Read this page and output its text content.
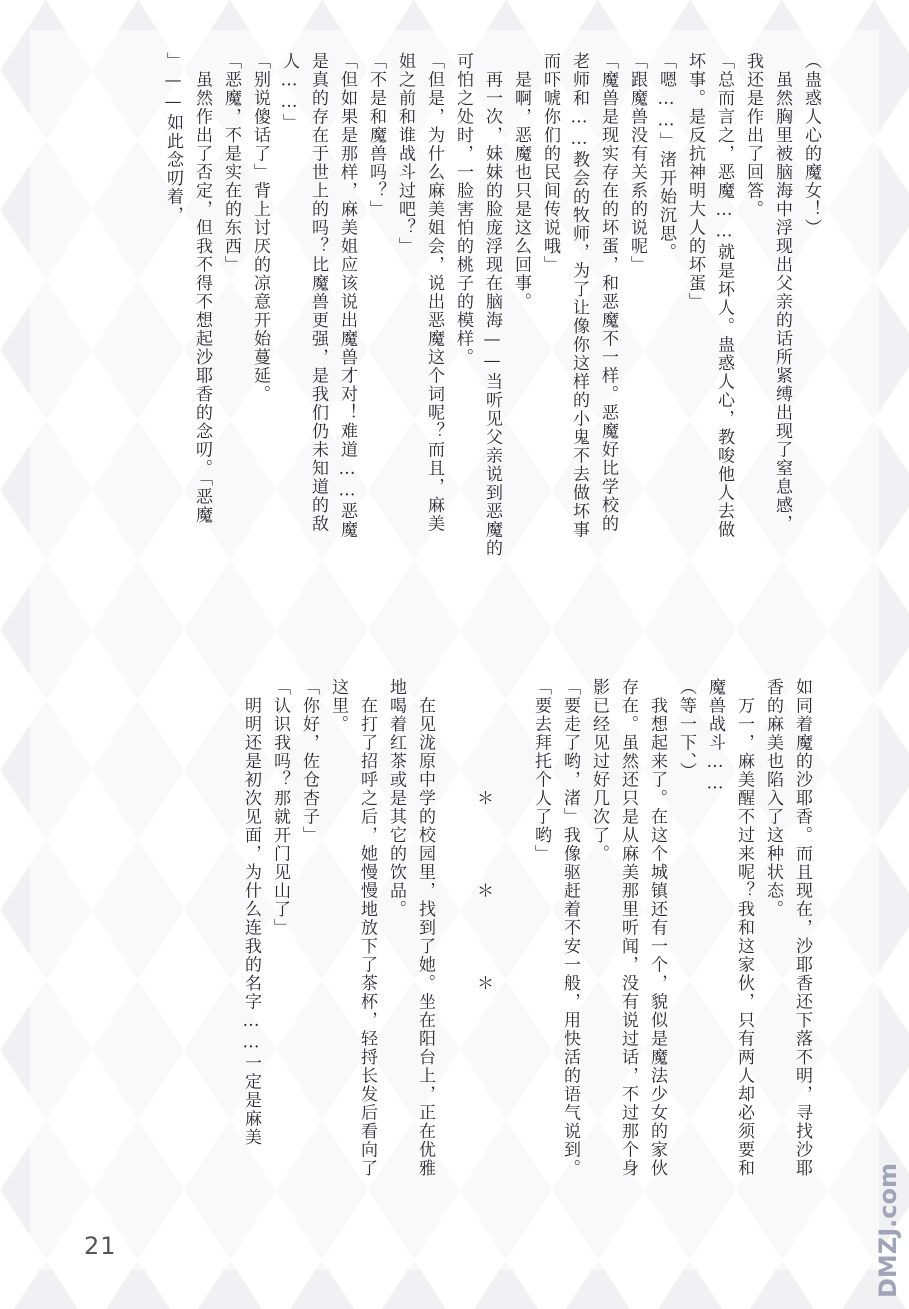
（蛊惑人心的魔女！）
　虽然胸里被脑海中浮现出父亲的话所紧缚出现了窒息感，
我还是作出了回答。
「总而言之，恶魔……就是坏人。蛊惑人心，教唆他人去做
坏事。是反抗神明大人的坏蛋」
「嗯……」渚开始沉思。
「跟魔兽没有关系的说呢」
「魔兽是现实存在的坏蛋，和恶魔不一样。恶魔好比学校的
老师和……教会的牧师，为了让像你这样的小鬼不去做坏事
而吓唬你们的民间传说哦」
　是啊，恶魔也只是这么回事。
　再一次，妹妹的脸庞浮现在脑海——当听见父亲说到恶魔的
可怕之处时，一脸害怕的桃子的模样。
「但是，为什么麻美姐会，说出恶魔这个词呢？而且，麻美
姐之前和谁战斗过吧？」
「不是和魔兽吗？」
「但如果是那样，麻美姐应该说出魔兽才对！难道……恶魔
是真的存在于世上的吗？比魔兽更强，是我们仍未知道的敌
人……」
「别说傻话了」背上讨厌的凉意开始蔓延。
「恶魔，不是实在的东西」
　虽然作出了否定，但我不得不想起沙耶香的念叨。「恶魔
」——如此念叨着，
如同着魔的沙耶香。而且现在，沙耶香还下落不明，寻找沙耶
香的麻美也陷入了这种状态。
　万一，麻美醒不过来呢？我和这家伙，只有两人却必须要和
魔兽战斗……
（等一下、）
　我想起来了。在这个城镇还有一个，貌似是魔法少女的家伙
存在。虽然还只是从麻美那里听闻，没有说过话，不过那个身
影已经见过好几次了。
「要走了哟，渚」我像驱赶着不安一般，用快活的语气说到。
「要去拜托个人了哟」

　　　　　　＊　　　　＊　　　　＊

　在见泷原中学的校园里，找到了她。坐在阳台上，正在优雅
地喝着红茶或是其它的饮品。
　在打了招呼之后，她慢慢地放下了茶杯，轻捋长发后看向了
这里。
「你好，佐仓杏子」
「认识我吗？那就开门见山了」
　明明还是初次见面，为什么连我的名字……一定是麻美
21	DMZJ.com
